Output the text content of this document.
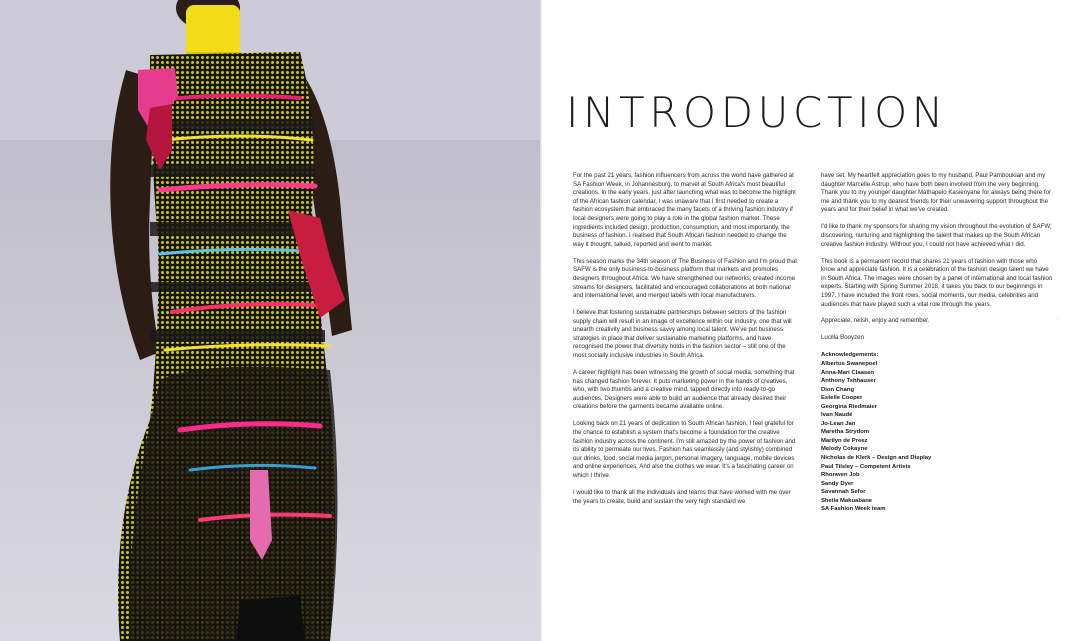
INTRODUCTION

For the past 21 years, fashion influencers from across the world have gathered at SA Fashion Week, in Johannesburg, to marvel at South Africa's most beautiful creations. In the early years, just after launching what was to become the highlight of the African fashion calendar, I was unaware that I first needed to create a fashion ecosystem that embraced the many facets of a thriving fashion industry if local designers were going to play a role in the global fashion market. These ingredients included design, production, consumption, and most importantly, the business of fashion. I realised that South African fashion needed to change the way it thought, talked, reported and went to market.

This season marks the 34th season of The Business of Fashion and I'm proud that SAFW is the only business-to-business platform that markets and promotes designers throughout Africa. We have strengthened our networks, created income streams for designers, facilitated and encouraged collaborations at both national and international level, and merged labels with local manufacturers.

I believe that fostering sustainable partnerships between sectors of the fashion supply chain will result in an image of excellence within our industry, one that will unearth creativity and business savvy among local talent. We've put business strategies in place that deliver sustainable marketing platforms, and have recognised the power that diversity holds in the fashion sector – still one of the most socially inclusive industries in South Africa.

A career highlight has been witnessing the growth of social media, something that has changed fashion forever. It puts marketing power in the hands of creatives, who, with two thumbs and a creative mind, tapped directly into ready-to-go audiences. Designers were able to build an audience that already desired their creations before the garments became available online.

Looking back on 21 years of dedication to South African fashion, I feel grateful for the chance to establish a system that's become a foundation for the creative fashion industry across the continent. I'm still amazed by the power of fashion and its ability to permeate our lives. Fashion has seamlessly (and stylishly) combined our drinks, food, social media jargon, personal imagery, language, mobile devices and online experiences. And also the clothes we wear. It's a fascinating career on which I thrive.

I would like to thank all the individuals and teams that have worked with me over the years to create, build and sustain the very high standard we

have set. My heartfelt appreciation goes to my husband, Paul Pamboukian and my daughter Marcelle Astrup, who have both been involved from the very beginning. Thank you to my younger daughter Mathapelo Kasienyane for always being there for me and thank you to my dearest friends for their unwavering support throughout the years and for their belief in what we've created.

I'd like to thank my sponsors for sharing my vision throughout the evolution of SAFW; discovering, nurturing and highlighting the talent that makes up the South African creative fashion industry. Without you, I could not have achieved what I did.

This book is a permanent record that shares 21 years of fashion with those who know and appreciate fashion. It is a celebration of the fashion design talent we have in South Africa. The images were chosen by a panel of international and local fashion experts. Starting with Spring Summer 2018, it takes you back to our beginnings in 1997. I have included the front rows, social moments, our media, celebrities and audiences that have played such a vital role through the years.

Appreciate, relish, enjoy and remember.

Lucilla Booyzen

Acknowledgements:
Albertus Swanepoel
Anna-Mari Claasen
Anthony Tshhauser
Dion Chang
Estelle Cooper
Georgina Riedmaier
Ivan Naudé
Jo-Lean Jan
Maretha Strydom
Marilyn de Preez
Melody Cokayne
Nicholas de Klerk – Design and Display
Paul Tilsley – Competent Artists
Rhonwen Job
Sandy Dyer
Savannah Sefor
Sheila Makuabane
SA Fashion Week team
·
